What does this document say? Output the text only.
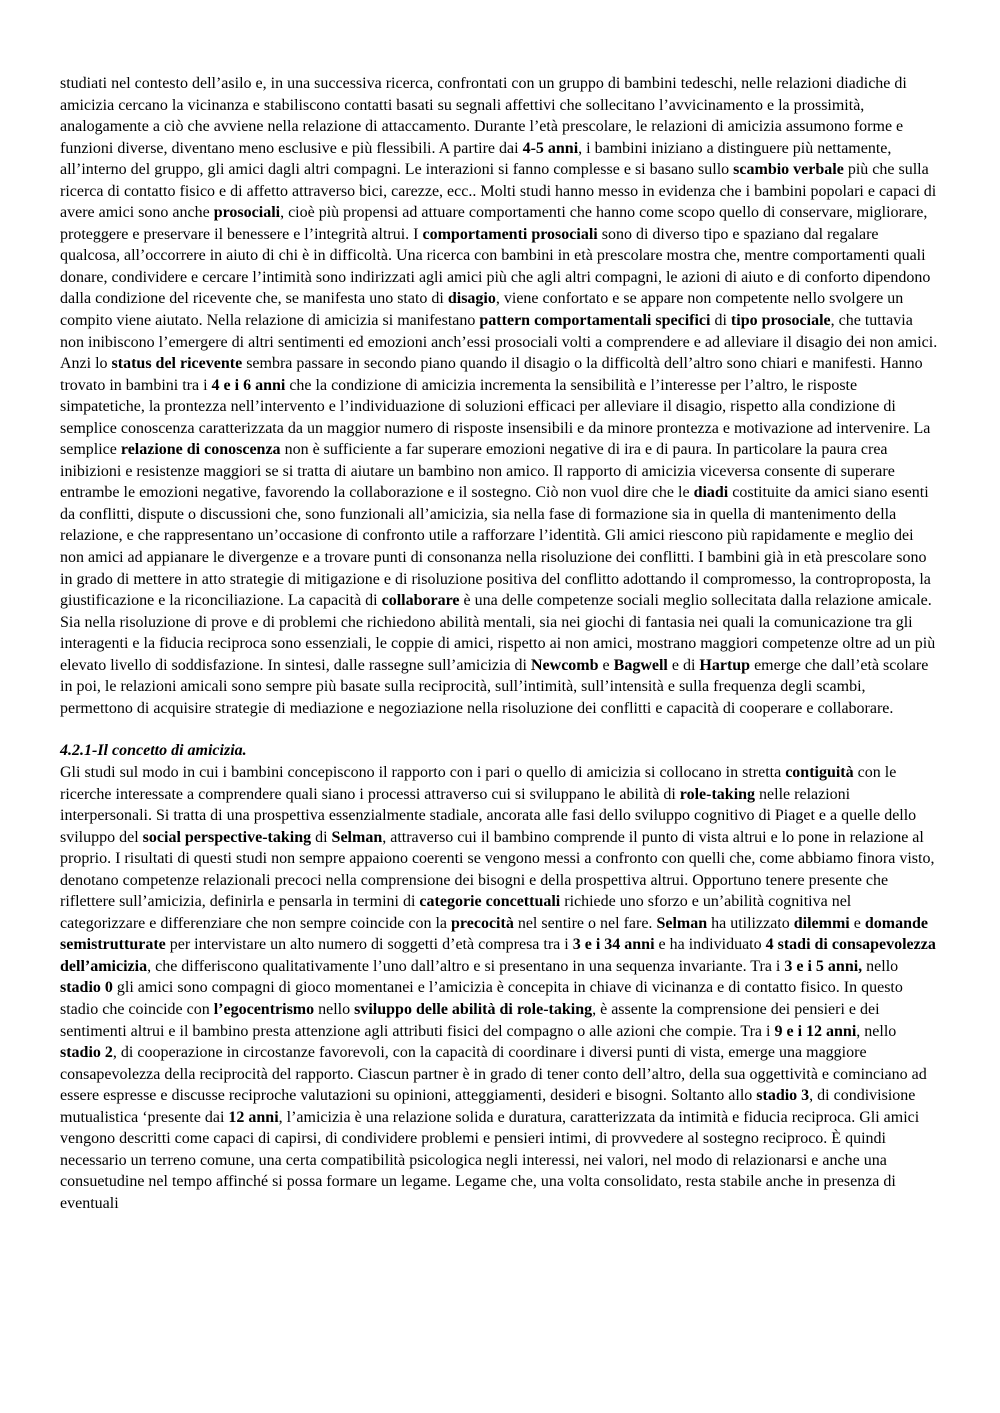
studiati nel contesto dell’asilo e, in una successiva ricerca, confrontati con un gruppo di bambini tedeschi, nelle relazioni diadiche di amicizia cercano la vicinanza e stabiliscono contatti basati su segnali affettivi che sollecitano l’avvicinamento e la prossimità, analogamente a ciò che avviene nella relazione di attaccamento. Durante l’età prescolare, le relazioni di amicizia assumono forme e funzioni diverse, diventano meno esclusive e più flessibili. A partire dai 4-5 anni, i bambini iniziano a distinguere più nettamente, all’interno del gruppo, gli amici dagli altri compagni. Le interazioni si fanno complesse e si basano sullo scambio verbale più che sulla ricerca di contatto fisico e di affetto attraverso bici, carezze, ecc.. Molti studi hanno messo in evidenza che i bambini popolari e capaci di avere amici sono anche prosociali, cioè più propensi ad attuare comportamenti che hanno come scopo quello di conservare, migliorare, proteggere e preservare il benessere e l’integrità altrui. I comportamenti prosociali sono di diverso tipo e spaziano dal regalare qualcosa, all’occorrere in aiuto di chi è in difficoltà. Una ricerca con bambini in età prescolare mostra che, mentre comportamenti quali donare, condividere e cercare l’intimità sono indirizzati agli amici più che agli altri compagni, le azioni di aiuto e di conforto dipendono dalla condizione del ricevente che, se manifesta uno stato di disagio, viene confortato e se appare non competente nello svolgere un compito viene aiutato. Nella relazione di amicizia si manifestano pattern comportamentali specifici di tipo prosociale, che tuttavia non inibiscono l’emergere di altri sentimenti ed emozioni anch’essi prosociali volti a comprendere e ad alleviare il disagio dei non amici. Anzi lo status del ricevente sembra passare in secondo piano quando il disagio o la difficoltà dell’altro sono chiari e manifesti. Hanno trovato in bambini tra i 4 e i 6 anni che la condizione di amicizia incrementa la sensibilità e l’interesse per l’altro, le risposte simpatetiche, la prontezza nell’intervento e l’individuazione di soluzioni efficaci per alleviare il disagio, rispetto alla condizione di semplice conoscenza caratterizzata da un maggior numero di risposte insensibili e da minore prontezza e motivazione ad intervenire. La semplice relazione di conoscenza non è sufficiente a far superare emozioni negative di ira e di paura. In particolare la paura crea inibizioni e resistenze maggiori se si tratta di aiutare un bambino non amico. Il rapporto di amicizia viceversa consente di superare entrambe le emozioni negative, favorendo la collaborazione e il sostegno. Ciò non vuol dire che le diadi costituite da amici siano esenti da conflitti, dispute o discussioni che, sono funzionali all’amicizia, sia nella fase di formazione sia in quella di mantenimento della relazione, e che rappresentano un’occasione di confronto utile a rafforzare l’identità. Gli amici riescono più rapidamente e meglio dei non amici ad appianare le divergenze e a trovare punti di consonanza nella risoluzione dei conflitti. I bambini già in età prescolare sono in grado di mettere in atto strategie di mitigazione e di risoluzione positiva del conflitto adottando il compromesso, la controproposta, la giustificazione e la riconciliazione. La capacità di collaborare è una delle competenze sociali meglio sollecitata dalla relazione amicale. Sia nella risoluzione di prove e di problemi che richiedono abilità mentali, sia nei giochi di fantasia nei quali la comunicazione tra gli interagenti e la fiducia reciproca sono essenziali, le coppie di amici, rispetto ai non amici, mostrano maggiori competenze oltre ad un più elevato livello di soddisfazione. In sintesi, dalle rassegne sull’amicizia di Newcomb e Bagwell e di Hartup emerge che dall’età scolare in poi, le relazioni amicali sono sempre più basate sulla reciprocità, sull’intimità, sull’intensità e sulla frequenza degli scambi, permettono di acquisire strategie di mediazione e negoziazione nella risoluzione dei conflitti e capacità di cooperare e collaborare.

4.2.1-Il concetto di amicizia.

Gli studi sul modo in cui i bambini concepiscono il rapporto con i pari o quello di amicizia si collocano in stretta contiguità con le ricerche interessate a comprendere quali siano i processi attraverso cui si sviluppano le abilità di role-taking nelle relazioni interpersonali. Si tratta di una prospettiva essenzialmente stadiale, ancorata alle fasi dello sviluppo cognitivo di Piaget e a quelle dello sviluppo del social perspective-taking di Selman, attraverso cui il bambino comprende il punto di vista altrui e lo pone in relazione al proprio. I risultati di questi studi non sempre appaiono coerenti se vengono messi a confronto con quelli che, come abbiamo finora visto, denotano competenze relazionali precoci nella comprensione dei bisogni e della prospettiva altrui. Opportuno tenere presente che riflettere sull’amicizia, definirla e pensarla in termini di categorie concettuali richiede uno sforzo e un’abilità cognitiva nel categorizzare e differenziare che non sempre coincide con la precocità nel sentire o nel fare. Selman ha utilizzato dilemmi e domande semistrutturate per intervistare un alto numero di soggetti d’età compresa tra i 3 e i 34 anni e ha individuato 4 stadi di consapevolezza dell’amicizia, che differiscono qualitativamente l’uno dall’altro e si presentano in una sequenza invariante. Tra i 3 e i 5 anni, nello stadio 0 gli amici sono compagni di gioco momentanei e l’amicizia è concepita in chiave di vicinanza e di contatto fisico. In questo stadio che coincide con l’egocentrismo nello sviluppo delle abilità di role-taking, è assente la comprensione dei pensieri e dei sentimenti altrui e il bambino presta attenzione agli attributi fisici del compagno o alle azioni che compie. Tra i 9 e i 12 anni, nello stadio 2, di cooperazione in circostanze favorevoli, con la capacità di coordinare i diversi punti di vista, emerge una maggiore consapevolezza della reciprocità del rapporto. Ciascun partner è in grado di tener conto dell’altro, della sua oggettività e cominciano ad essere espresse e discusse reciproche valutazioni su opinioni, atteggiamenti, desideri e bisogni. Soltanto allo stadio 3, di condivisione mutualistica ‘presente dai 12 anni, l’amicizia è una relazione solida e duratura, caratterizzata da intimità e fiducia reciproca. Gli amici vengono descritti come capaci di capirsi, di condividere problemi e pensieri intimi, di provvedere al sostegno reciproco. È quindi necessario un terreno comune, una certa compatibilità psicologica negli interessi, nei valori, nel modo di relazionarsi e anche una consuetudine nel tempo affinché si possa formare un legame. Legame che, una volta consolidato, resta stabile anche in presenza di eventuali
